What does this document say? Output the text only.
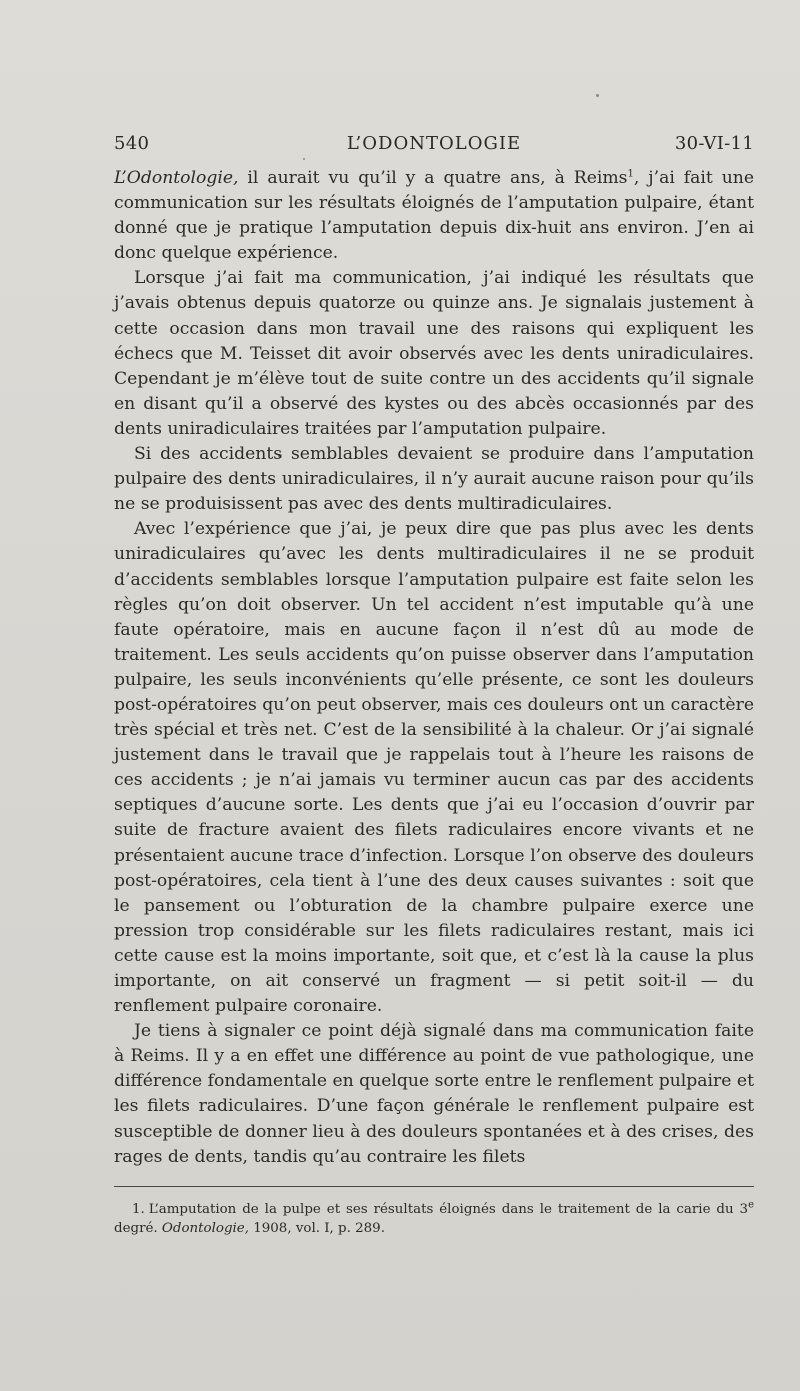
540	L’ODONTOLOGIE	30-VI-11

L’Odontologie, il aurait vu qu’il y a quatre ans, à Reims$^1$, j’ai fait une communication sur les résultats éloignés de l’amputation pulpaire, étant donné que je pratique l’amputation depuis dix-huit ans environ. J’en ai donc quelque expérience.

Lorsque j’ai fait ma communication, j’ai indiqué les résultats que j’avais obtenus depuis quatorze ou quinze ans. Je signalais justement à cette occasion dans mon travail une des raisons qui expliquent les échecs que M. Teisset dit avoir observés avec les dents uniradiculaires. Cependant je m’élève tout de suite contre un des accidents qu’il signale en disant qu’il a observé des kystes ou des abcès occasionnés par des dents uniradiculaires traitées par l’amputation pulpaire.

Si des accidents semblables devaient se produire dans l’amputation pulpaire des dents uniradiculaires, il n’y aurait aucune raison pour qu’ils ne se produisissent pas avec des dents multiradiculaires.

Avec l’expérience que j’ai, je peux dire que pas plus avec les dents uniradiculaires qu’avec les dents multiradiculaires il ne se produit d’accidents semblables lorsque l’amputation pulpaire est faite selon les règles qu’on doit observer. Un tel accident n’est imputable qu’à une faute opératoire, mais en aucune façon il n’est dû au mode de traitement. Les seuls accidents qu’on puisse observer dans l’amputation pulpaire, les seuls inconvénients qu’elle présente, ce sont les douleurs post-opératoires qu’on peut observer, mais ces douleurs ont un caractère très spécial et très net. C’est de la sensibilité à la chaleur. Or j’ai signalé justement dans le travail que je rappelais tout à l’heure les raisons de ces accidents ; je n’ai jamais vu terminer aucun cas par des accidents septiques d’aucune sorte. Les dents que j’ai eu l’occasion d’ouvrir par suite de fracture avaient des filets radiculaires encore vivants et ne présentaient aucune trace d’infection. Lorsque l’on observe des douleurs post-opératoires, cela tient à l’une des deux causes suivantes : soit que le pansement ou l’obturation de la chambre pulpaire exerce une pression trop considérable sur les filets radiculaires restant, mais ici cette cause est la moins importante, soit que, et c’est là la cause la plus importante, on ait conservé un fragment — si petit soit-il — du renflement pulpaire coronaire.

Je tiens à signaler ce point déjà signalé dans ma communication faite à Reims. Il y a en effet une différence au point de vue pathologique, une différence fondamentale en quelque sorte entre le renflement pulpaire et les filets radiculaires. D’une façon générale le renflement pulpaire est susceptible de donner lieu à des douleurs spontanées et à des crises, des rages de dents, tandis qu’au contraire les filets

1. L’amputation de la pulpe et ses résultats éloignés dans le traitement de la carie du 3e degré. Odontologie, 1908, vol. I, p. 289.
